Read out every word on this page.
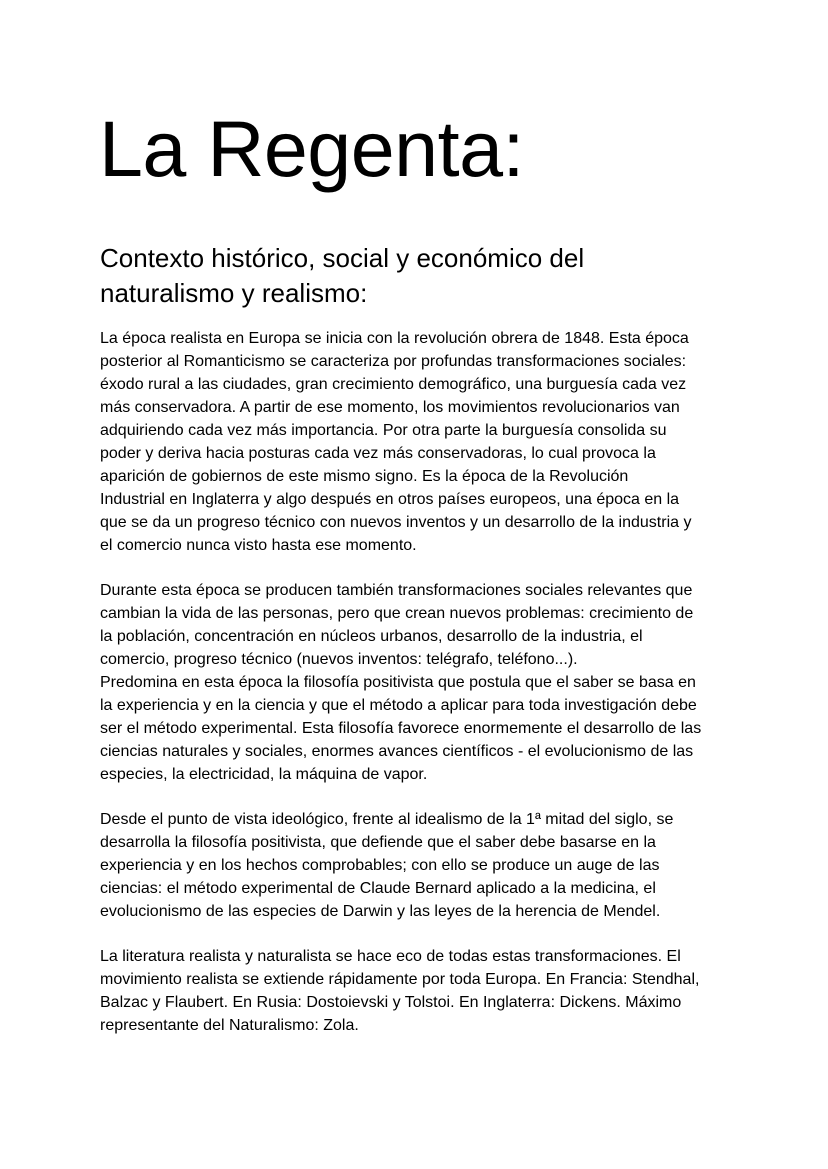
La Regenta:
Contexto histórico, social y económico del
naturalismo y realismo:

La época realista en Europa se inicia con la revolución obrera de 1848. Esta época
posterior al Romanticismo se caracteriza por profundas transformaciones sociales:
éxodo rural a las ciudades, gran crecimiento demográfico, una burguesía cada vez
más conservadora. A partir de ese momento, los movimientos revolucionarios van
adquiriendo cada vez más importancia. Por otra parte la burguesía consolida su
poder y deriva hacia posturas cada vez más conservadoras, lo cual provoca la
aparición de gobiernos de este mismo signo. Es la época de la Revolución
Industrial en Inglaterra y algo después en otros países europeos, una época en la
que se da un progreso técnico con nuevos inventos y un desarrollo de la industria y
el comercio nunca visto hasta ese momento.

Durante esta época se producen también transformaciones sociales relevantes que
cambian la vida de las personas, pero que crean nuevos problemas: crecimiento de
la población, concentración en núcleos urbanos, desarrollo de la industria, el
comercio, progreso técnico (nuevos inventos: telégrafo, teléfono...).
Predomina en esta época la filosofía positivista que postula que el saber se basa en
la experiencia y en la ciencia y que el método a aplicar para toda investigación debe
ser el método experimental. Esta filosofía favorece enormemente el desarrollo de las
ciencias naturales y sociales, enormes avances científicos - el evolucionismo de las
especies, la electricidad, la máquina de vapor.

Desde el punto de vista ideológico, frente al idealismo de la 1ª mitad del siglo, se
desarrolla la filosofía positivista, que defiende que el saber debe basarse en la
experiencia y en los hechos comprobables; con ello se produce un auge de las
ciencias: el método experimental de Claude Bernard aplicado a la medicina, el
evolucionismo de las especies de Darwin y las leyes de la herencia de Mendel.

La literatura realista y naturalista se hace eco de todas estas transformaciones. El
movimiento realista se extiende rápidamente por toda Europa. En Francia: Stendhal,
Balzac y Flaubert. En Rusia: Dostoievski y Tolstoi. En Inglaterra: Dickens. Máximo
representante del Naturalismo: Zola.
